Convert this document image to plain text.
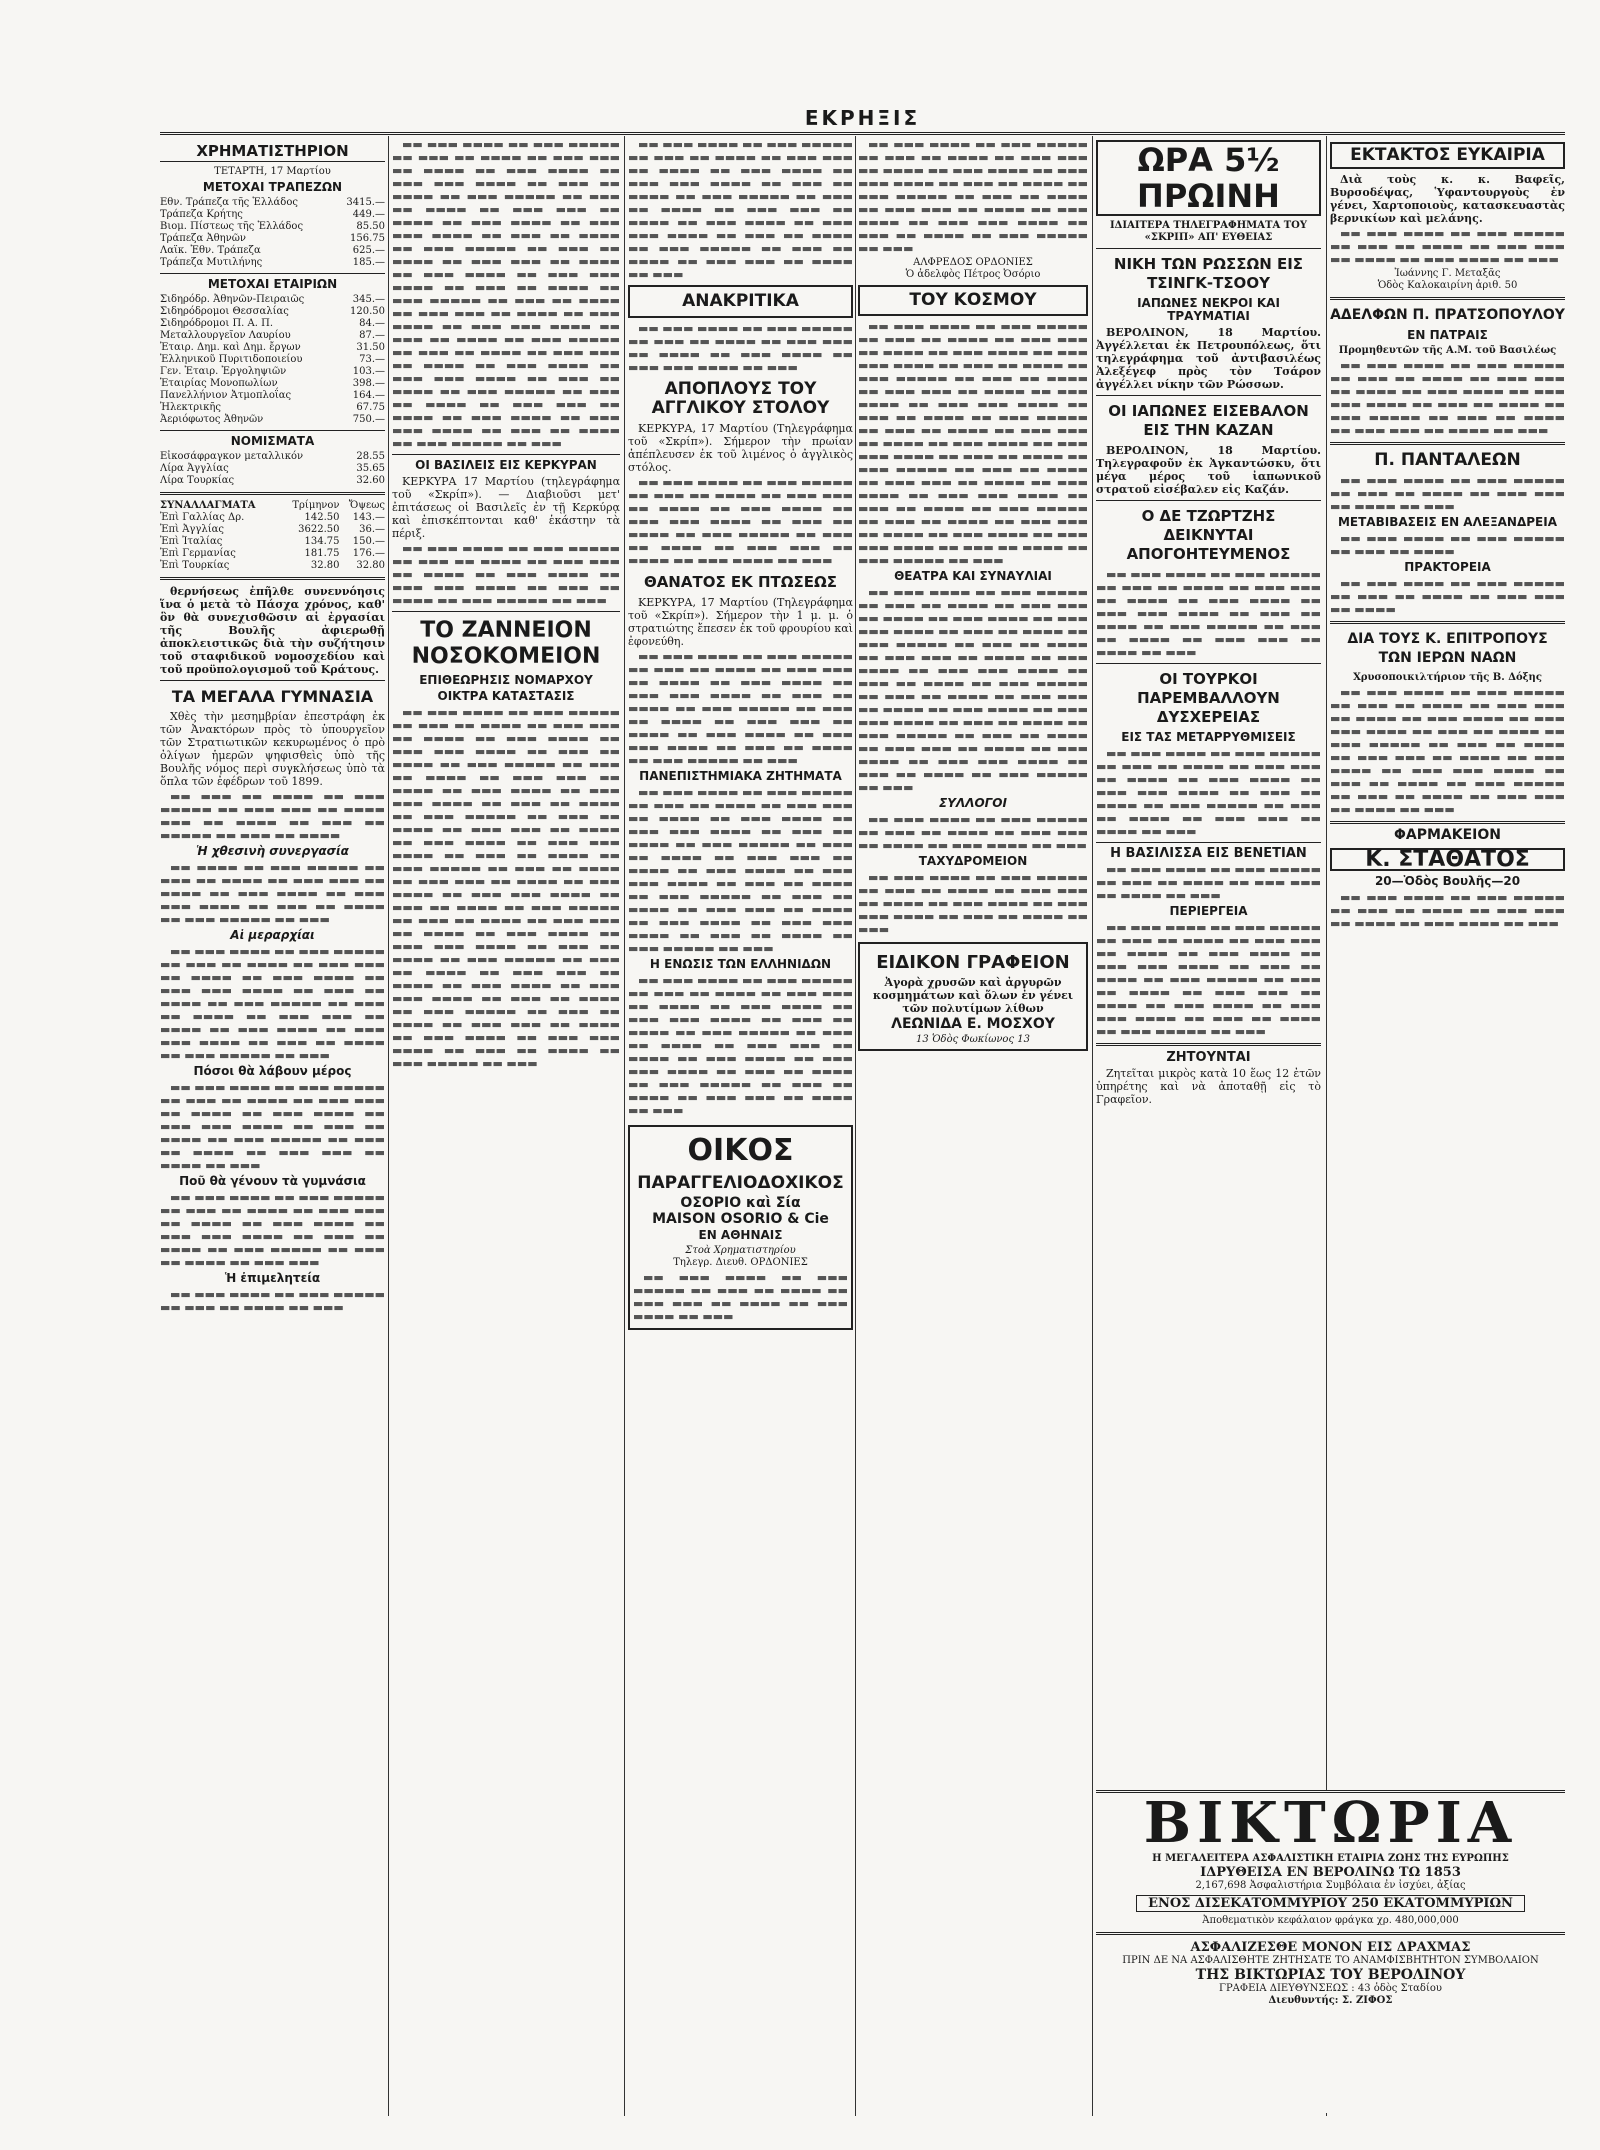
ΕΚΡΗΞΙΣ
ΧΡΗΜΑΤΙΣΤΗΡΙΟΝ
ΤΕΤΑΡΤΗ, 17 Μαρτίου
ΜΕΤΟΧΑΙ ΤΡΑΠΕΖΩΝ
Εθν. Τράπεζα τῆς Ἑλλάδος	3415.—
Τράπεζα Κρήτης	449.—
Βιομ. Πίστεως τῆς Ἑλλάδος	85.50
Τράπεζα Ἀθηνῶν	156.75
Λαϊκ. Ἐθν. Τράπεζα	625.—
Τράπεζα Μυτιλήνης	185.—
ΜΕΤΟΧΑΙ ΕΤΑΙΡΙΩΝ
Σιδηρόδρ. Ἀθηνῶν-Πειραιῶς	345.—
Σιδηρόδρομοι Θεσσαλίας	120.50
Σιδηρόδρομοι Π. Α. Π.	84.—
Μεταλλουργεῖον Λαυρίου	87.—
Ἐταιρ. Δημ. καὶ Δημ. ἔργων	31.50
Ἑλληνικοῦ Πυριτιδοποιείου	73.—
Γεν. Ἐταιρ. Ἐργοληψιῶν	103.—
Ἑταιρίας Μονοπωλίων	398.—
Πανελλήνιον Ἀτμοπλοΐας	164.—
Ἠλεκτρικῆς	67.75
Ἀεριόφωτος Ἀθηνῶν	750.—
ΝΟΜΙΣΜΑΤΑ
Εἰκοσάφραγκον μεταλλικόν	28.55
Λίρα Ἀγγλίας	35.65
Λίρα Τουρκίας	32.60
ΣΥΝΑΛΛΑΓΜΑΤΑ	Τρίμηνον	Ὄψεως
Ἐπὶ Γαλλίας Δρ.	142.50	143.—
Ἐπὶ Ἀγγλίας	3622.50	36.—
Ἐπὶ Ἰταλίας	134.75	150.—
Ἐπὶ Γερμανίας	181.75	176.—
Ἐπὶ Τουρκίας	32.80	32.80

θερνήσεως ἐπῆλθε συνεννόησις ἵνα ὁ μετὰ τὸ Πάσχα χρόνος, καθ' ὃν θὰ συνεχισθῶσιν αἱ ἐργασίαι τῆς Βουλῆς ἀφιερωθῇ ἀποκλειστικῶς διὰ τὴν συζήτησιν τοῦ σταφιδικοῦ νομοσχεδίου καὶ τοῦ προϋπολογισμοῦ τοῦ Κράτους.

ΤΑ ΜΕΓΑΛΑ ΓΥΜΝΑΣΙΑ

Χθὲς τὴν μεσημβρίαν ἐπεστράφη ἐκ τῶν Ἀνακτόρων πρὸς τὸ ὑπουργεῖον τῶν Στρατιωτικῶν κεκυρωμένος ὁ πρὸ ὀλίγων ἡμερῶν ψηφισθεὶς ὑπὸ τῆς Βουλῆς νόμος περὶ συγκλήσεως ὑπὸ τὰ ὅπλα τῶν ἐφέδρων τοῦ 1899.

▬▬ ▬▬▬ ▬▬ ▬▬▬▬ ▬▬ ▬▬▬ ▬▬▬▬▬ ▬▬ ▬▬▬ ▬▬▬ ▬▬ ▬▬▬▬ ▬▬▬ ▬▬ ▬▬▬▬ ▬▬ ▬▬▬ ▬▬ ▬▬▬▬▬ ▬▬ ▬▬▬ ▬▬ ▬▬▬▬

Ἡ χθεσινὴ συνεργασία

▬▬ ▬▬▬▬ ▬▬ ▬▬▬ ▬▬▬▬▬ ▬▬ ▬▬▬ ▬▬ ▬▬▬▬ ▬▬ ▬▬▬ ▬▬▬ ▬▬ ▬▬▬▬ ▬▬ ▬▬▬ ▬▬▬▬ ▬▬ ▬▬▬ ▬▬▬ ▬▬▬▬ ▬▬ ▬▬▬ ▬▬ ▬▬▬▬ ▬▬ ▬▬▬ ▬▬▬▬▬ ▬▬ ▬▬▬

Αἱ μεραρχίαι

▬▬ ▬▬▬ ▬▬▬▬ ▬▬ ▬▬▬ ▬▬▬▬▬ ▬▬ ▬▬▬ ▬▬ ▬▬▬▬ ▬▬ ▬▬▬ ▬▬▬ ▬▬ ▬▬▬▬ ▬▬ ▬▬▬ ▬▬▬▬ ▬▬ ▬▬▬ ▬▬▬ ▬▬▬▬ ▬▬ ▬▬▬ ▬▬ ▬▬▬▬ ▬▬ ▬▬▬ ▬▬▬▬▬ ▬▬ ▬▬▬ ▬▬ ▬▬▬▬ ▬▬ ▬▬▬ ▬▬▬ ▬▬ ▬▬▬▬ ▬▬ ▬▬▬ ▬▬▬▬ ▬▬ ▬▬▬ ▬▬▬ ▬▬▬▬ ▬▬ ▬▬▬ ▬▬ ▬▬▬▬ ▬▬ ▬▬▬ ▬▬▬▬▬ ▬▬ ▬▬▬

Πόσοι θὰ λάβουν μέρος

▬▬ ▬▬▬ ▬▬▬▬ ▬▬ ▬▬▬ ▬▬▬▬▬ ▬▬ ▬▬▬ ▬▬ ▬▬▬▬ ▬▬ ▬▬▬ ▬▬▬ ▬▬ ▬▬▬▬ ▬▬ ▬▬▬ ▬▬▬▬ ▬▬ ▬▬▬ ▬▬▬ ▬▬▬▬ ▬▬ ▬▬▬ ▬▬ ▬▬▬▬ ▬▬ ▬▬▬ ▬▬▬▬▬ ▬▬ ▬▬▬ ▬▬ ▬▬▬▬ ▬▬ ▬▬▬ ▬▬▬ ▬▬ ▬▬▬▬ ▬▬ ▬▬▬

Ποῦ θὰ γένουν τὰ γυμνάσια

▬▬ ▬▬▬ ▬▬▬▬ ▬▬ ▬▬▬ ▬▬▬▬▬ ▬▬ ▬▬▬ ▬▬ ▬▬▬▬ ▬▬ ▬▬▬ ▬▬▬ ▬▬ ▬▬▬▬ ▬▬ ▬▬▬ ▬▬▬▬ ▬▬ ▬▬▬ ▬▬▬ ▬▬▬▬ ▬▬ ▬▬▬ ▬▬ ▬▬▬▬ ▬▬ ▬▬▬ ▬▬▬▬▬ ▬▬ ▬▬▬ ▬▬ ▬▬▬▬ ▬▬ ▬▬▬ ▬▬▬

Ἡ ἐπιμελητεία

▬▬ ▬▬▬ ▬▬▬▬ ▬▬ ▬▬▬ ▬▬▬▬▬ ▬▬ ▬▬▬ ▬▬ ▬▬▬▬ ▬▬ ▬▬▬

▬▬ ▬▬▬ ▬▬▬▬ ▬▬ ▬▬▬ ▬▬▬▬▬ ▬▬ ▬▬▬ ▬▬ ▬▬▬▬ ▬▬ ▬▬▬ ▬▬▬ ▬▬ ▬▬▬▬ ▬▬ ▬▬▬ ▬▬▬▬ ▬▬ ▬▬▬ ▬▬▬ ▬▬▬▬ ▬▬ ▬▬▬ ▬▬ ▬▬▬▬ ▬▬ ▬▬▬ ▬▬▬▬▬ ▬▬ ▬▬▬ ▬▬ ▬▬▬▬ ▬▬ ▬▬▬ ▬▬▬ ▬▬ ▬▬▬▬ ▬▬ ▬▬▬ ▬▬▬▬ ▬▬ ▬▬▬ ▬▬▬ ▬▬▬▬ ▬▬ ▬▬▬ ▬▬ ▬▬▬▬ ▬▬ ▬▬▬ ▬▬▬▬▬ ▬▬ ▬▬▬ ▬▬ ▬▬▬▬ ▬▬ ▬▬▬ ▬▬▬ ▬▬ ▬▬▬▬ ▬▬ ▬▬▬ ▬▬▬▬ ▬▬ ▬▬▬ ▬▬▬ ▬▬▬▬ ▬▬ ▬▬▬ ▬▬ ▬▬▬▬ ▬▬ ▬▬▬ ▬▬▬▬▬ ▬▬ ▬▬▬ ▬▬ ▬▬▬▬ ▬▬ ▬▬▬ ▬▬▬ ▬▬ ▬▬▬▬ ▬▬ ▬▬▬ ▬▬▬▬ ▬▬ ▬▬▬ ▬▬▬ ▬▬▬▬ ▬▬ ▬▬▬ ▬▬ ▬▬▬▬ ▬▬ ▬▬▬ ▬▬▬▬▬ ▬▬ ▬▬▬ ▬▬ ▬▬▬▬ ▬▬ ▬▬▬ ▬▬▬ ▬▬ ▬▬▬▬ ▬▬ ▬▬▬ ▬▬▬▬ ▬▬ ▬▬▬ ▬▬▬ ▬▬▬▬ ▬▬ ▬▬▬ ▬▬ ▬▬▬▬ ▬▬ ▬▬▬ ▬▬▬▬▬ ▬▬ ▬▬▬ ▬▬ ▬▬▬▬ ▬▬ ▬▬▬ ▬▬▬ ▬▬ ▬▬▬▬ ▬▬ ▬▬▬ ▬▬▬▬ ▬▬ ▬▬▬ ▬▬▬ ▬▬▬▬ ▬▬ ▬▬▬ ▬▬ ▬▬▬▬ ▬▬ ▬▬▬ ▬▬▬▬▬ ▬▬ ▬▬▬

ΟΙ ΒΑΣΙΛΕΙΣ ΕΙΣ ΚΕΡΚΥΡΑΝ

ΚΕΡΚΥΡΑ 17 Μαρτίου (τηλεγράφημα τοῦ «Σκρίπ»). — Διαβιοῦσι μετ' ἐπιτάσεως οἱ Βασιλεῖς ἐν τῇ Κερκύρᾳ καὶ ἐπισκέπτονται καθ' ἑκάστην τὰ πέριξ.

▬▬ ▬▬▬ ▬▬▬▬ ▬▬ ▬▬▬ ▬▬▬▬▬ ▬▬ ▬▬▬ ▬▬ ▬▬▬▬ ▬▬ ▬▬▬ ▬▬▬ ▬▬ ▬▬▬▬ ▬▬ ▬▬▬ ▬▬▬▬ ▬▬ ▬▬▬ ▬▬▬ ▬▬▬▬ ▬▬ ▬▬▬ ▬▬ ▬▬▬▬ ▬▬ ▬▬▬ ▬▬▬▬▬ ▬▬ ▬▬▬

ΤΟ ΖΑΝΝΕΙΟΝ ΝΟΣΟΚΟΜΕΙΟΝ
ΕΠΙΘΕΩΡΗΣΙΣ ΝΟΜΑΡΧΟΥ
ΟΙΚΤΡΑ ΚΑΤΑΣΤΑΣΙΣ

▬▬ ▬▬▬ ▬▬▬▬ ▬▬ ▬▬▬ ▬▬▬▬▬ ▬▬ ▬▬▬ ▬▬ ▬▬▬▬ ▬▬ ▬▬▬ ▬▬▬ ▬▬ ▬▬▬▬ ▬▬ ▬▬▬ ▬▬▬▬ ▬▬ ▬▬▬ ▬▬▬ ▬▬▬▬ ▬▬ ▬▬▬ ▬▬ ▬▬▬▬ ▬▬ ▬▬▬ ▬▬▬▬▬ ▬▬ ▬▬▬ ▬▬ ▬▬▬▬ ▬▬ ▬▬▬ ▬▬▬ ▬▬ ▬▬▬▬ ▬▬ ▬▬▬ ▬▬▬▬ ▬▬ ▬▬▬ ▬▬▬ ▬▬▬▬ ▬▬ ▬▬▬ ▬▬ ▬▬▬▬ ▬▬ ▬▬▬ ▬▬▬▬▬ ▬▬ ▬▬▬ ▬▬ ▬▬▬▬ ▬▬ ▬▬▬ ▬▬▬ ▬▬ ▬▬▬▬ ▬▬ ▬▬▬ ▬▬▬▬ ▬▬ ▬▬▬ ▬▬▬ ▬▬▬▬ ▬▬ ▬▬▬ ▬▬ ▬▬▬▬ ▬▬ ▬▬▬ ▬▬▬▬▬ ▬▬ ▬▬▬ ▬▬ ▬▬▬▬ ▬▬ ▬▬▬ ▬▬▬ ▬▬ ▬▬▬▬ ▬▬ ▬▬▬ ▬▬▬▬ ▬▬ ▬▬▬ ▬▬▬ ▬▬▬▬ ▬▬ ▬▬▬ ▬▬ ▬▬▬▬ ▬▬ ▬▬▬ ▬▬▬▬▬ ▬▬ ▬▬▬ ▬▬ ▬▬▬▬ ▬▬ ▬▬▬ ▬▬▬ ▬▬ ▬▬▬▬ ▬▬ ▬▬▬ ▬▬▬▬ ▬▬ ▬▬▬ ▬▬▬ ▬▬▬▬ ▬▬ ▬▬▬ ▬▬ ▬▬▬▬ ▬▬ ▬▬▬ ▬▬▬▬▬ ▬▬ ▬▬▬ ▬▬ ▬▬▬▬ ▬▬ ▬▬▬ ▬▬▬ ▬▬ ▬▬▬▬ ▬▬ ▬▬▬ ▬▬▬▬ ▬▬ ▬▬▬ ▬▬▬ ▬▬▬▬ ▬▬ ▬▬▬ ▬▬ ▬▬▬▬ ▬▬ ▬▬▬ ▬▬▬▬▬ ▬▬ ▬▬▬ ▬▬ ▬▬▬▬ ▬▬ ▬▬▬ ▬▬▬ ▬▬ ▬▬▬▬ ▬▬ ▬▬▬ ▬▬▬▬ ▬▬ ▬▬▬ ▬▬▬ ▬▬▬▬ ▬▬ ▬▬▬ ▬▬ ▬▬▬▬ ▬▬ ▬▬▬ ▬▬▬▬▬ ▬▬ ▬▬▬

▬▬ ▬▬▬ ▬▬▬▬ ▬▬ ▬▬▬ ▬▬▬▬▬ ▬▬ ▬▬▬ ▬▬ ▬▬▬▬ ▬▬ ▬▬▬ ▬▬▬ ▬▬ ▬▬▬▬ ▬▬ ▬▬▬ ▬▬▬▬ ▬▬ ▬▬▬ ▬▬▬ ▬▬▬▬ ▬▬ ▬▬▬ ▬▬ ▬▬▬▬ ▬▬ ▬▬▬ ▬▬▬▬▬ ▬▬ ▬▬▬ ▬▬ ▬▬▬▬ ▬▬ ▬▬▬ ▬▬▬ ▬▬ ▬▬▬▬ ▬▬ ▬▬▬ ▬▬▬▬ ▬▬ ▬▬▬ ▬▬▬ ▬▬▬▬ ▬▬ ▬▬▬ ▬▬ ▬▬▬▬ ▬▬ ▬▬▬ ▬▬▬▬▬ ▬▬ ▬▬▬ ▬▬ ▬▬▬▬ ▬▬ ▬▬▬ ▬▬▬ ▬▬ ▬▬▬▬ ▬▬ ▬▬▬

ΑΝΑΚΡΙΤΙΚΑ

▬▬ ▬▬▬ ▬▬▬▬ ▬▬ ▬▬▬ ▬▬▬▬▬ ▬▬ ▬▬▬ ▬▬ ▬▬▬▬ ▬▬ ▬▬▬ ▬▬▬ ▬▬ ▬▬▬▬ ▬▬ ▬▬▬ ▬▬▬▬ ▬▬ ▬▬▬ ▬▬▬ ▬▬▬▬ ▬▬ ▬▬▬

ΑΠΟΠΛΟΥΣ ΤΟΥ ΑΓΓΛΙΚΟΥ ΣΤΟΛΟΥ

ΚΕΡΚΥΡΑ, 17 Μαρτίου (Τηλεγράφημα τοῦ «Σκρίπ»). Σήμερον τὴν πρωίαν ἀπέπλευσεν ἐκ τοῦ λιμένος ὁ ἀγγλικὸς στόλος.

▬▬ ▬▬▬ ▬▬▬▬ ▬▬ ▬▬▬ ▬▬▬▬▬ ▬▬ ▬▬▬ ▬▬ ▬▬▬▬ ▬▬ ▬▬▬ ▬▬▬ ▬▬ ▬▬▬▬ ▬▬ ▬▬▬ ▬▬▬▬ ▬▬ ▬▬▬ ▬▬▬ ▬▬▬▬ ▬▬ ▬▬▬ ▬▬ ▬▬▬▬ ▬▬ ▬▬▬ ▬▬▬▬▬ ▬▬ ▬▬▬ ▬▬ ▬▬▬▬ ▬▬ ▬▬▬ ▬▬▬ ▬▬ ▬▬▬▬ ▬▬ ▬▬▬ ▬▬▬▬ ▬▬ ▬▬▬

ΘΑΝΑΤΟΣ ΕΚ ΠΤΩΣΕΩΣ

ΚΕΡΚΥΡΑ, 17 Μαρτίου (Τηλεγράφημα τοῦ «Σκρίπ»). Σήμερον τὴν 1 μ. μ. ὁ στρατιώτης ἔπεσεν ἐκ τοῦ φρουρίου καὶ ἐφονεύθη.

▬▬ ▬▬▬ ▬▬▬▬ ▬▬ ▬▬▬ ▬▬▬▬▬ ▬▬ ▬▬▬ ▬▬ ▬▬▬▬ ▬▬ ▬▬▬ ▬▬▬ ▬▬ ▬▬▬▬ ▬▬ ▬▬▬ ▬▬▬▬ ▬▬ ▬▬▬ ▬▬▬ ▬▬▬▬ ▬▬ ▬▬▬ ▬▬ ▬▬▬▬ ▬▬ ▬▬▬ ▬▬▬▬▬ ▬▬ ▬▬▬ ▬▬ ▬▬▬▬ ▬▬ ▬▬▬ ▬▬▬ ▬▬ ▬▬▬▬ ▬▬ ▬▬▬ ▬▬▬▬ ▬▬ ▬▬▬ ▬▬▬ ▬▬▬▬ ▬▬ ▬▬▬ ▬▬ ▬▬▬▬ ▬▬ ▬▬▬ ▬▬▬▬▬ ▬▬ ▬▬▬

ΠΑΝΕΠΙΣΤΗΜΙΑΚΑ ΖΗΤΗΜΑΤΑ

▬▬ ▬▬▬ ▬▬▬▬ ▬▬ ▬▬▬ ▬▬▬▬▬ ▬▬ ▬▬▬ ▬▬ ▬▬▬▬ ▬▬ ▬▬▬ ▬▬▬ ▬▬ ▬▬▬▬ ▬▬ ▬▬▬ ▬▬▬▬ ▬▬ ▬▬▬ ▬▬▬ ▬▬▬▬ ▬▬ ▬▬▬ ▬▬ ▬▬▬▬ ▬▬ ▬▬▬ ▬▬▬▬▬ ▬▬ ▬▬▬ ▬▬ ▬▬▬▬ ▬▬ ▬▬▬ ▬▬▬ ▬▬ ▬▬▬▬ ▬▬ ▬▬▬ ▬▬▬▬ ▬▬ ▬▬▬ ▬▬▬ ▬▬▬▬ ▬▬ ▬▬▬ ▬▬ ▬▬▬▬ ▬▬ ▬▬▬ ▬▬▬▬▬ ▬▬ ▬▬▬ ▬▬ ▬▬▬▬ ▬▬ ▬▬▬ ▬▬▬ ▬▬ ▬▬▬▬ ▬▬ ▬▬▬ ▬▬▬▬ ▬▬ ▬▬▬ ▬▬▬ ▬▬▬▬ ▬▬ ▬▬▬ ▬▬ ▬▬▬▬ ▬▬ ▬▬▬ ▬▬▬▬▬ ▬▬ ▬▬▬

Η ΕΝΩΣΙΣ ΤΩΝ ΕΛΛΗΝΙΔΩΝ

▬▬ ▬▬▬ ▬▬▬▬ ▬▬ ▬▬▬ ▬▬▬▬▬ ▬▬ ▬▬▬ ▬▬ ▬▬▬▬ ▬▬ ▬▬▬ ▬▬▬ ▬▬ ▬▬▬▬ ▬▬ ▬▬▬ ▬▬▬▬ ▬▬ ▬▬▬ ▬▬▬ ▬▬▬▬ ▬▬ ▬▬▬ ▬▬ ▬▬▬▬ ▬▬ ▬▬▬ ▬▬▬▬▬ ▬▬ ▬▬▬ ▬▬ ▬▬▬▬ ▬▬ ▬▬▬ ▬▬▬ ▬▬ ▬▬▬▬ ▬▬ ▬▬▬ ▬▬▬▬ ▬▬ ▬▬▬ ▬▬▬ ▬▬▬▬ ▬▬ ▬▬▬ ▬▬ ▬▬▬▬ ▬▬ ▬▬▬ ▬▬▬▬▬ ▬▬ ▬▬▬ ▬▬ ▬▬▬▬ ▬▬ ▬▬▬ ▬▬▬ ▬▬ ▬▬▬▬ ▬▬ ▬▬▬

ΟΙΚΟΣ
ΠΑΡΑΓΓΕΛΙΟΔΟΧΙΚΟΣ
ΟΣΟΡΙΟ καὶ Σία
MAISON OSORIO & Cie
ΕΝ ΑΘΗΝΑΙΣ
Στοὰ Χρηματιστηρίου
Τηλεγρ. Διευθ. ΟΡΔΟΝΙΕΣ

▬▬ ▬▬▬ ▬▬▬▬ ▬▬ ▬▬▬ ▬▬▬▬▬ ▬▬ ▬▬▬ ▬▬ ▬▬▬▬ ▬▬ ▬▬▬ ▬▬▬ ▬▬ ▬▬▬▬ ▬▬ ▬▬▬ ▬▬▬▬ ▬▬ ▬▬▬

▬▬ ▬▬▬ ▬▬▬▬ ▬▬ ▬▬▬ ▬▬▬▬▬ ▬▬ ▬▬▬ ▬▬ ▬▬▬▬ ▬▬ ▬▬▬ ▬▬▬ ▬▬ ▬▬▬▬ ▬▬ ▬▬▬ ▬▬▬▬ ▬▬ ▬▬▬ ▬▬▬ ▬▬▬▬ ▬▬ ▬▬▬ ▬▬ ▬▬▬▬ ▬▬ ▬▬▬ ▬▬▬▬▬ ▬▬ ▬▬▬ ▬▬ ▬▬▬▬ ▬▬ ▬▬▬ ▬▬▬ ▬▬ ▬▬▬▬ ▬▬ ▬▬▬ ▬▬▬▬ ▬▬ ▬▬▬ ▬▬▬ ▬▬▬▬ ▬▬ ▬▬▬ ▬▬ ▬▬▬▬ ▬▬ ▬▬▬ ▬▬▬▬▬ ▬▬ ▬▬▬

ΑΛΦΡΕΔΟΣ ΟΡΔΟΝΙΕΣ
Ὁ ἀδελφὸς Πέτρος Ὀσόριο
ΤΟΥ ΚΟΣΜΟΥ

▬▬ ▬▬▬ ▬▬▬▬ ▬▬ ▬▬▬ ▬▬▬▬▬ ▬▬ ▬▬▬ ▬▬ ▬▬▬▬ ▬▬ ▬▬▬ ▬▬▬ ▬▬ ▬▬▬▬ ▬▬ ▬▬▬ ▬▬▬▬ ▬▬ ▬▬▬ ▬▬▬ ▬▬▬▬ ▬▬ ▬▬▬ ▬▬ ▬▬▬▬ ▬▬ ▬▬▬ ▬▬▬▬▬ ▬▬ ▬▬▬ ▬▬ ▬▬▬▬ ▬▬ ▬▬▬ ▬▬▬ ▬▬ ▬▬▬▬ ▬▬ ▬▬▬ ▬▬▬▬ ▬▬ ▬▬▬ ▬▬▬ ▬▬▬▬ ▬▬ ▬▬▬ ▬▬ ▬▬▬▬ ▬▬ ▬▬▬ ▬▬▬▬▬ ▬▬ ▬▬▬ ▬▬ ▬▬▬▬ ▬▬ ▬▬▬ ▬▬▬ ▬▬ ▬▬▬▬ ▬▬ ▬▬▬ ▬▬▬▬ ▬▬ ▬▬▬ ▬▬▬ ▬▬▬▬ ▬▬ ▬▬▬ ▬▬ ▬▬▬▬ ▬▬ ▬▬▬ ▬▬▬▬▬ ▬▬ ▬▬▬ ▬▬ ▬▬▬▬ ▬▬ ▬▬▬ ▬▬▬ ▬▬ ▬▬▬▬ ▬▬ ▬▬▬ ▬▬▬▬ ▬▬ ▬▬▬ ▬▬▬ ▬▬▬▬ ▬▬ ▬▬▬ ▬▬ ▬▬▬▬ ▬▬ ▬▬▬ ▬▬▬▬▬ ▬▬ ▬▬▬ ▬▬ ▬▬▬▬ ▬▬ ▬▬▬ ▬▬▬ ▬▬ ▬▬▬▬ ▬▬ ▬▬▬ ▬▬▬▬ ▬▬ ▬▬▬ ▬▬▬ ▬▬▬▬ ▬▬ ▬▬▬ ▬▬ ▬▬▬▬ ▬▬ ▬▬▬ ▬▬▬▬▬ ▬▬ ▬▬▬

ΘΕΑΤΡΑ ΚΑΙ ΣΥΝΑΥΛΙΑΙ

▬▬ ▬▬▬ ▬▬▬▬ ▬▬ ▬▬▬ ▬▬▬▬▬ ▬▬ ▬▬▬ ▬▬ ▬▬▬▬ ▬▬ ▬▬▬ ▬▬▬ ▬▬ ▬▬▬▬ ▬▬ ▬▬▬ ▬▬▬▬ ▬▬ ▬▬▬ ▬▬▬ ▬▬▬▬ ▬▬ ▬▬▬ ▬▬ ▬▬▬▬ ▬▬ ▬▬▬ ▬▬▬▬▬ ▬▬ ▬▬▬ ▬▬ ▬▬▬▬ ▬▬ ▬▬▬ ▬▬▬ ▬▬ ▬▬▬▬ ▬▬ ▬▬▬ ▬▬▬▬ ▬▬ ▬▬▬ ▬▬▬ ▬▬▬▬ ▬▬ ▬▬▬ ▬▬ ▬▬▬▬ ▬▬ ▬▬▬ ▬▬▬▬▬ ▬▬ ▬▬▬ ▬▬ ▬▬▬▬ ▬▬ ▬▬▬ ▬▬▬ ▬▬ ▬▬▬▬ ▬▬ ▬▬▬ ▬▬▬▬ ▬▬ ▬▬▬ ▬▬▬ ▬▬▬▬ ▬▬ ▬▬▬ ▬▬ ▬▬▬▬ ▬▬ ▬▬▬ ▬▬▬▬▬ ▬▬ ▬▬▬ ▬▬ ▬▬▬▬ ▬▬ ▬▬▬ ▬▬▬ ▬▬ ▬▬▬▬ ▬▬ ▬▬▬ ▬▬▬▬ ▬▬ ▬▬▬ ▬▬▬ ▬▬▬▬ ▬▬ ▬▬▬ ▬▬ ▬▬▬▬ ▬▬ ▬▬▬ ▬▬▬▬▬ ▬▬ ▬▬▬

ΣΥΛΛΟΓΟΙ

▬▬ ▬▬▬ ▬▬▬▬ ▬▬ ▬▬▬ ▬▬▬▬▬ ▬▬ ▬▬▬ ▬▬ ▬▬▬▬ ▬▬ ▬▬▬ ▬▬▬ ▬▬ ▬▬▬▬ ▬▬ ▬▬▬ ▬▬▬▬ ▬▬ ▬▬▬

ΤΑΧΥΔΡΟΜΕΙΟΝ

▬▬ ▬▬▬ ▬▬▬▬ ▬▬ ▬▬▬ ▬▬▬▬▬ ▬▬ ▬▬▬ ▬▬ ▬▬▬▬ ▬▬ ▬▬▬ ▬▬▬ ▬▬ ▬▬▬▬ ▬▬ ▬▬▬ ▬▬▬▬ ▬▬ ▬▬▬ ▬▬▬ ▬▬▬▬ ▬▬ ▬▬▬ ▬▬ ▬▬▬▬ ▬▬ ▬▬▬

ΕΙΔΙΚΟΝ ΓΡΑΦΕΙΟΝ
Ἀγορὰ χρυσῶν καὶ ἀργυρῶν κοσμημάτων καὶ ὅλων ἐν γένει τῶν πολυτίμων λίθων
ΛΕΩΝΙΔΑ Ε. ΜΟΣΧΟΥ
13 Ὁδὸς Φωκίωνος 13
ΩΡΑ 5½ ΠΡΩΙΝΗ
ΙΔΙΑΙΤΕΡΑ ΤΗΛΕΓΡΑΦΗΜΑΤΑ ΤΟΥ «ΣΚΡΙΠ» ΑΠ' ΕΥΘΕΙΑΣ
ΝΙΚΗ ΤΩΝ ΡΩΣΣΩΝ ΕΙΣ ΤΣΙΝΓΚ-ΤΣΟΟΥ
ΙΑΠΩΝΕΣ ΝΕΚΡΟΙ ΚΑΙ ΤΡΑΥΜΑΤΙΑΙ

ΒΕΡΟΛΙΝΟΝ, 18 Μαρτίου. Ἀγγέλλεται ἐκ Πετρουπόλεως, ὅτι τηλεγράφημα τοῦ ἀντιβασιλέως Ἀλεξέγεφ πρὸς τὸν Τσάρον ἀγγέλλει νίκην τῶν Ρώσσων.

ΟΙ ΙΑΠΩΝΕΣ ΕΙΣΕΒΑΛΟΝ ΕΙΣ ΤΗΝ ΚΑΖΑΝ

ΒΕΡΟΛΙΝΟΝ, 18 Μαρτίου. Τηλεγραφοῦν ἐκ Ἀγκαντώσκυ, ὅτι μέγα μέρος τοῦ ἰαπωνικοῦ στρατοῦ εἰσέβαλεν εἰς Καζάν.

Ο ΔΕ ΤΖΩΡΤΖΗΣ ΔΕΙΚΝΥΤΑΙ ΑΠΟΓΟΗΤΕΥΜΕΝΟΣ

▬▬ ▬▬▬ ▬▬▬▬ ▬▬ ▬▬▬ ▬▬▬▬▬ ▬▬ ▬▬▬ ▬▬ ▬▬▬▬ ▬▬ ▬▬▬ ▬▬▬ ▬▬ ▬▬▬▬ ▬▬ ▬▬▬ ▬▬▬▬ ▬▬ ▬▬▬ ▬▬▬ ▬▬▬▬ ▬▬ ▬▬▬ ▬▬ ▬▬▬▬ ▬▬ ▬▬▬ ▬▬▬▬▬ ▬▬ ▬▬▬ ▬▬ ▬▬▬▬ ▬▬ ▬▬▬ ▬▬▬ ▬▬ ▬▬▬▬ ▬▬ ▬▬▬

ΟΙ ΤΟΥΡΚΟΙ ΠΑΡΕΜΒΑΛΛΟΥΝ ΔΥΣΧΕΡΕΙΑΣ
ΕΙΣ ΤΑΣ ΜΕΤΑΡΡΥΘΜΙΣΕΙΣ

▬▬ ▬▬▬ ▬▬▬▬ ▬▬ ▬▬▬ ▬▬▬▬▬ ▬▬ ▬▬▬ ▬▬ ▬▬▬▬ ▬▬ ▬▬▬ ▬▬▬ ▬▬ ▬▬▬▬ ▬▬ ▬▬▬ ▬▬▬▬ ▬▬ ▬▬▬ ▬▬▬ ▬▬▬▬ ▬▬ ▬▬▬ ▬▬ ▬▬▬▬ ▬▬ ▬▬▬ ▬▬▬▬▬ ▬▬ ▬▬▬ ▬▬ ▬▬▬▬ ▬▬ ▬▬▬ ▬▬▬ ▬▬ ▬▬▬▬ ▬▬ ▬▬▬

Η ΒΑΣΙΛΙΣΣΑ ΕΙΣ ΒΕΝΕΤΙΑΝ

▬▬ ▬▬▬ ▬▬▬▬ ▬▬ ▬▬▬ ▬▬▬▬▬ ▬▬ ▬▬▬ ▬▬ ▬▬▬▬ ▬▬ ▬▬▬ ▬▬▬ ▬▬ ▬▬▬▬ ▬▬ ▬▬▬

ΠΕΡΙΕΡΓΕΙΑ

▬▬ ▬▬▬ ▬▬▬▬ ▬▬ ▬▬▬ ▬▬▬▬▬ ▬▬ ▬▬▬ ▬▬ ▬▬▬▬ ▬▬ ▬▬▬ ▬▬▬ ▬▬ ▬▬▬▬ ▬▬ ▬▬▬ ▬▬▬▬ ▬▬ ▬▬▬ ▬▬▬ ▬▬▬▬ ▬▬ ▬▬▬ ▬▬ ▬▬▬▬ ▬▬ ▬▬▬ ▬▬▬▬▬ ▬▬ ▬▬▬ ▬▬ ▬▬▬▬ ▬▬ ▬▬▬ ▬▬▬ ▬▬ ▬▬▬▬ ▬▬ ▬▬▬ ▬▬▬▬ ▬▬ ▬▬▬ ▬▬▬ ▬▬▬▬ ▬▬ ▬▬▬ ▬▬ ▬▬▬▬ ▬▬ ▬▬▬ ▬▬▬▬▬ ▬▬ ▬▬▬

ΖΗΤΟΥΝΤΑΙ

Ζητεῖται μικρὸς κατὰ 10 ἕως 12 ἐτῶν ὑπηρέτης καὶ νὰ ἀποταθῇ εἰς τὸ Γραφεῖον.

ΕΚΤΑΚΤΟΣ ΕΥΚΑΙΡΙΑ

Διὰ τοὺς κ. κ. Βαφεῖς, Βυρσοδέψας, Ὑφαντουργοὺς ἐν γένει, Χαρτοποιοὺς, κατασκευαστὰς βερνικίων καὶ μελάνης.

▬▬ ▬▬▬ ▬▬▬▬ ▬▬ ▬▬▬ ▬▬▬▬▬ ▬▬ ▬▬▬ ▬▬ ▬▬▬▬ ▬▬ ▬▬▬ ▬▬▬ ▬▬ ▬▬▬▬ ▬▬ ▬▬▬ ▬▬▬▬ ▬▬ ▬▬▬

Ἰωάννης Γ. Μεταξᾶς
Ὁδὸς Καλοκαιρίνη ἀριθ. 50
ΑΔΕΛΦΩΝ Π. ΠΡΑΤΣΟΠΟΥΛΟΥ
ΕΝ ΠΑΤΡΑΙΣ
Προμηθευτῶν τῆς Α.Μ. τοῦ Βασιλέως

▬▬ ▬▬▬ ▬▬▬▬ ▬▬ ▬▬▬ ▬▬▬▬▬ ▬▬ ▬▬▬ ▬▬ ▬▬▬▬ ▬▬ ▬▬▬ ▬▬▬ ▬▬ ▬▬▬▬ ▬▬ ▬▬▬ ▬▬▬▬ ▬▬ ▬▬▬ ▬▬▬ ▬▬▬▬ ▬▬ ▬▬▬ ▬▬ ▬▬▬▬ ▬▬ ▬▬▬ ▬▬▬▬▬ ▬▬ ▬▬▬ ▬▬ ▬▬▬▬ ▬▬ ▬▬▬ ▬▬▬ ▬▬ ▬▬▬▬ ▬▬ ▬▬▬

Π. ΠΑΝΤΑΛΕΩΝ

▬▬ ▬▬▬ ▬▬▬▬ ▬▬ ▬▬▬ ▬▬▬▬▬ ▬▬ ▬▬▬ ▬▬ ▬▬▬▬ ▬▬ ▬▬▬ ▬▬▬ ▬▬ ▬▬▬▬ ▬▬ ▬▬▬

ΜΕΤΑΒΙΒΑΣΕΙΣ ΕΝ ΑΛΕΞΑΝΔΡΕΙΑ

▬▬ ▬▬▬ ▬▬▬▬ ▬▬ ▬▬▬ ▬▬▬▬▬ ▬▬ ▬▬▬ ▬▬ ▬▬▬▬

ΠΡΑΚΤΟΡΕΙΑ

▬▬ ▬▬▬ ▬▬▬▬ ▬▬ ▬▬▬ ▬▬▬▬▬ ▬▬ ▬▬▬ ▬▬ ▬▬▬▬ ▬▬ ▬▬▬ ▬▬▬ ▬▬ ▬▬▬▬

ΔΙΑ ΤΟΥΣ Κ. ΕΠΙΤΡΟΠΟΥΣ ΤΩΝ ΙΕΡΩΝ ΝΑΩΝ
Χρυσοποικιλτήριον τῆς Β. Δόξης

▬▬ ▬▬▬ ▬▬▬▬ ▬▬ ▬▬▬ ▬▬▬▬▬ ▬▬ ▬▬▬ ▬▬ ▬▬▬▬ ▬▬ ▬▬▬ ▬▬▬ ▬▬ ▬▬▬▬ ▬▬ ▬▬▬ ▬▬▬▬ ▬▬ ▬▬▬ ▬▬▬ ▬▬▬▬ ▬▬ ▬▬▬ ▬▬ ▬▬▬▬ ▬▬ ▬▬▬ ▬▬▬▬▬ ▬▬ ▬▬▬ ▬▬ ▬▬▬▬ ▬▬ ▬▬▬ ▬▬▬ ▬▬ ▬▬▬▬ ▬▬ ▬▬▬ ▬▬▬▬ ▬▬ ▬▬▬ ▬▬▬ ▬▬▬▬ ▬▬ ▬▬▬ ▬▬ ▬▬▬▬ ▬▬ ▬▬▬ ▬▬▬▬▬ ▬▬ ▬▬▬ ▬▬ ▬▬▬▬ ▬▬ ▬▬▬ ▬▬▬ ▬▬ ▬▬▬▬ ▬▬ ▬▬▬

ΦΑΡΜΑΚΕΙΟΝ
Κ. ΣΤΑΘΑΤΟΣ
20—Ὁδὸς Βουλῆς—20

▬▬ ▬▬▬ ▬▬▬▬ ▬▬ ▬▬▬ ▬▬▬▬▬ ▬▬ ▬▬▬ ▬▬ ▬▬▬▬ ▬▬ ▬▬▬ ▬▬▬ ▬▬ ▬▬▬▬ ▬▬ ▬▬▬ ▬▬▬▬ ▬▬ ▬▬▬

ΒΙΚΤΩΡΙΑ
Η ΜΕΓΑΛΕΙΤΕΡΑ ΑΣΦΑΛΙΣΤΙΚΗ ΕΤΑΙΡΙΑ ΖΩΗΣ ΤΗΣ ΕΥΡΩΠΗΣ
ΙΔΡΥΘΕΙΣΑ ΕΝ ΒΕΡΟΛΙΝΩ ΤΩ 1853
2,167,698 Ἀσφαλιστήρια Συμβόλαια ἐν ἰσχύει, ἀξίας
ΕΝΟΣ ΔΙΣΕΚΑΤΟΜΜΥΡΙΟΥ 250 ΕΚΑΤΟΜΜΥΡΙΩΝ
Ἀποθεματικὸν κεφάλαιον φράγκα χρ. 480,000,000
ΑΣΦΑΛΙΖΕΣΘΕ ΜΟΝΟΝ ΕΙΣ ΔΡΑΧΜΑΣ
ΠΡΙΝ ΔΕ ΝΑ ΑΣΦΑΛΙΣΘΗΤΕ ΖΗΤΗΣΑΤΕ ΤΟ ΑΝΑΜΦΙΣΒΗΤΗΤΟΝ ΣΥΜΒΟΛΑΙΟΝ
ΤΗΣ ΒΙΚΤΩΡΙΑΣ ΤΟΥ ΒΕΡΟΛΙΝΟΥ
ΓΡΑΦΕΙΑ ΔΙΕΥΘΥΝΣΕΩΣ : 43 ὁδὸς Σταδίου
Διευθυντής: Σ. ΖΙΦΟΣ
